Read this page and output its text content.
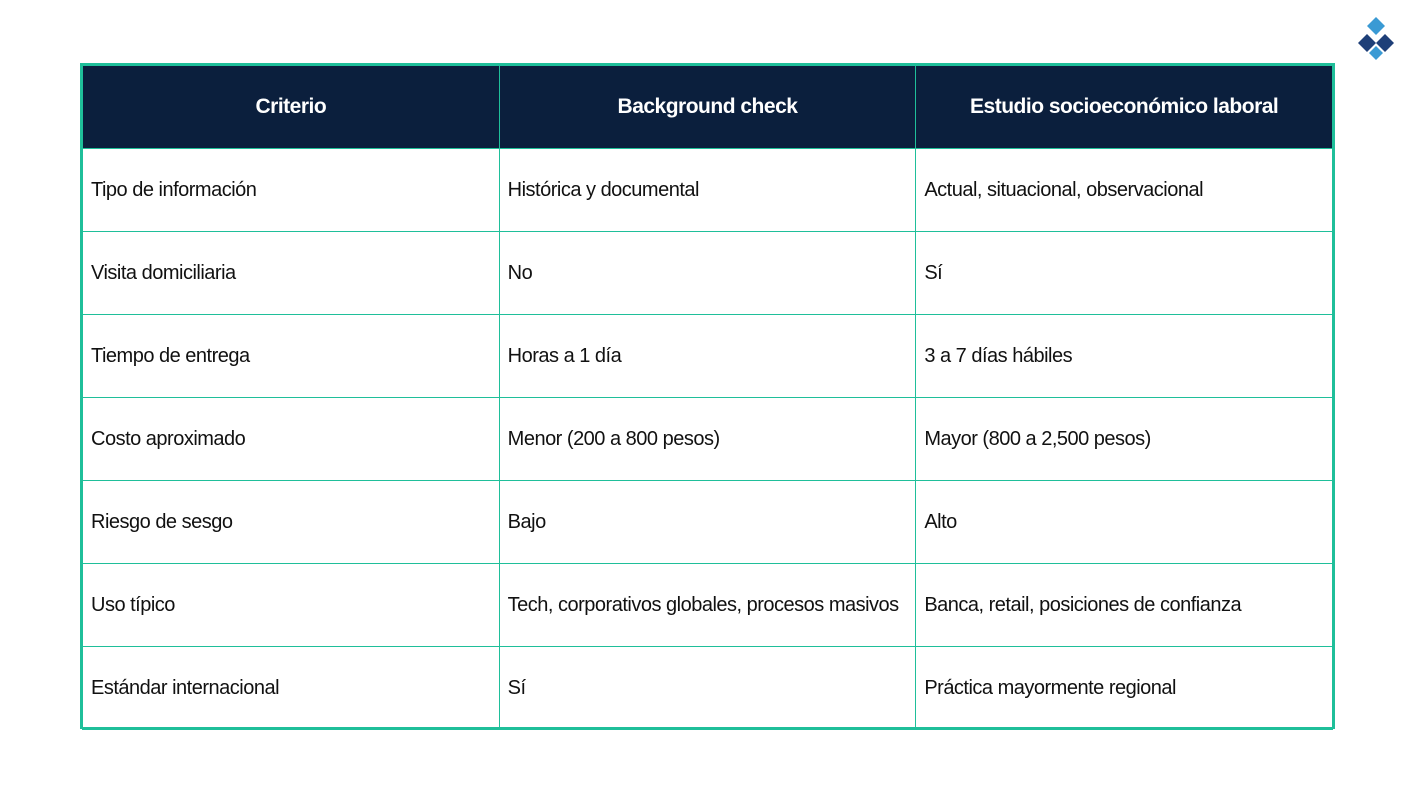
Criterio	Background check	Estudio socioeconómico laboral
Tipo de información	Histórica y documental	Actual, situacional, observacional
Visita domiciliaria	No	Sí
Tiempo de entrega	Horas a 1 día	3 a 7 días hábiles
Costo aproximado	Menor (200 a 800 pesos)	Mayor (800 a 2,500 pesos)
Riesgo de sesgo	Bajo	Alto
Uso típico	Tech, corporativos globales, procesos masivos	Banca, retail, posiciones de confianza
Estándar internacional	Sí	Práctica mayormente regional
